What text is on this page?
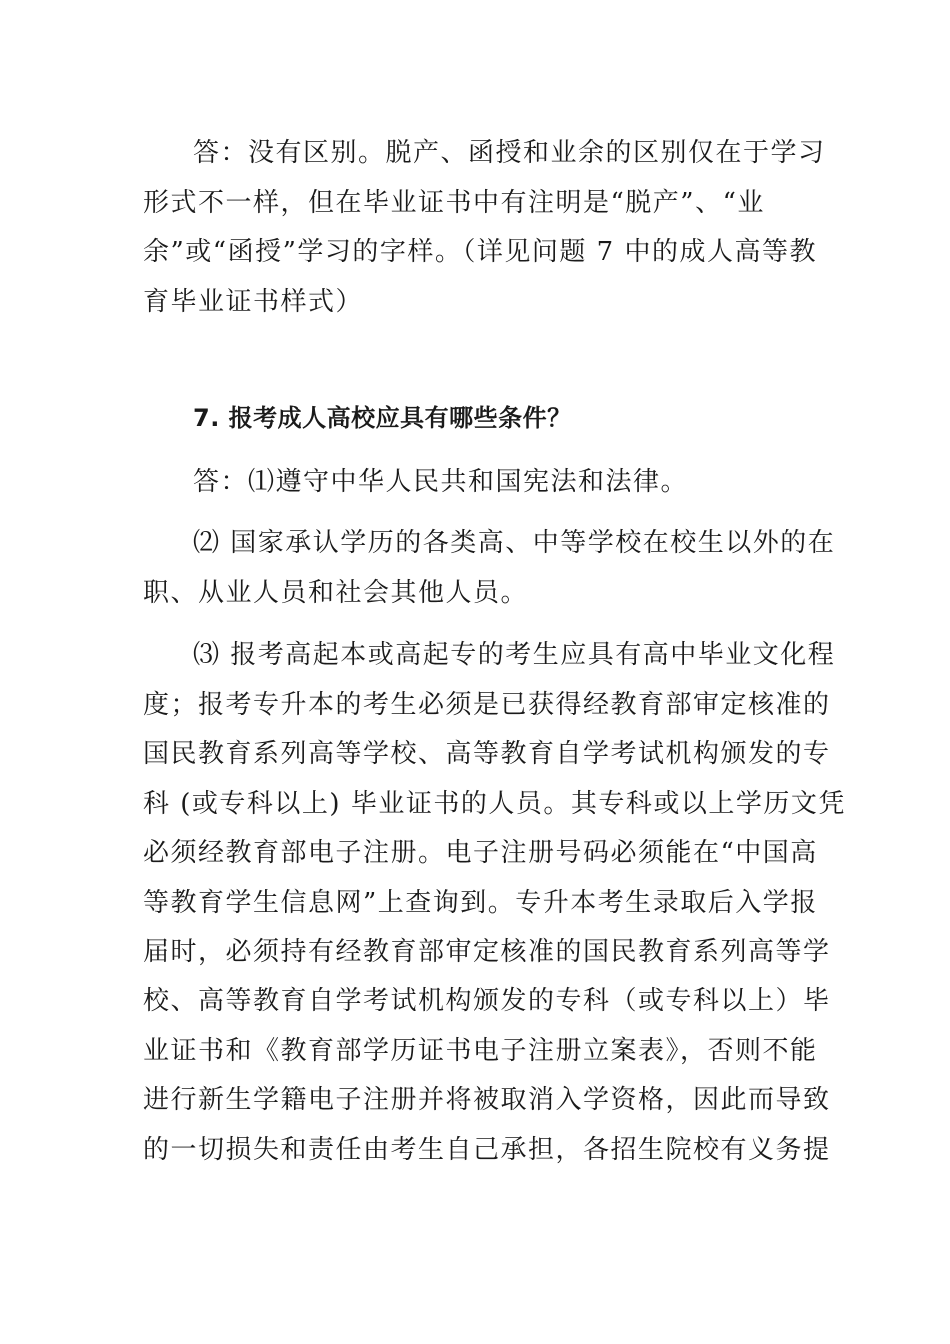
答：没有区别。脱产、函授和业余的区别仅在于学习
形式不一样，但在毕业证书中有注明是“脱产”、“业
余”或“函授”学习的字样。（详见问题 7 中的成人高等教
育毕业证书样式）
7. 报考成人高校应具有哪些条件？
答：⑴遵守中华人民共和国宪法和法律。
⑵ 国家承认学历的各类高、中等学校在校生以外的在
职、从业人员和社会其他人员。
⑶ 报考高起本或高起专的考生应具有高中毕业文化程
度；报考专升本的考生必须是已获得经教育部审定核准的
国民教育系列高等学校、高等教育自学考试机构颁发的专
科 (或专科以上) 毕业证书的人员。其专科或以上学历文凭
必须经教育部电子注册。电子注册号码必须能在“中国高
等教育学生信息网”上查询到。专升本考生录取后入学报
届时，必须持有经教育部审定核准的国民教育系列高等学
校、高等教育自学考试机构颁发的专科（或专科以上）毕
业证书和《教育部学历证书电子注册立案表》，否则不能
进行新生学籍电子注册并将被取消入学资格，因此而导致
的一切损失和责任由考生自己承担，各招生院校有义务提
